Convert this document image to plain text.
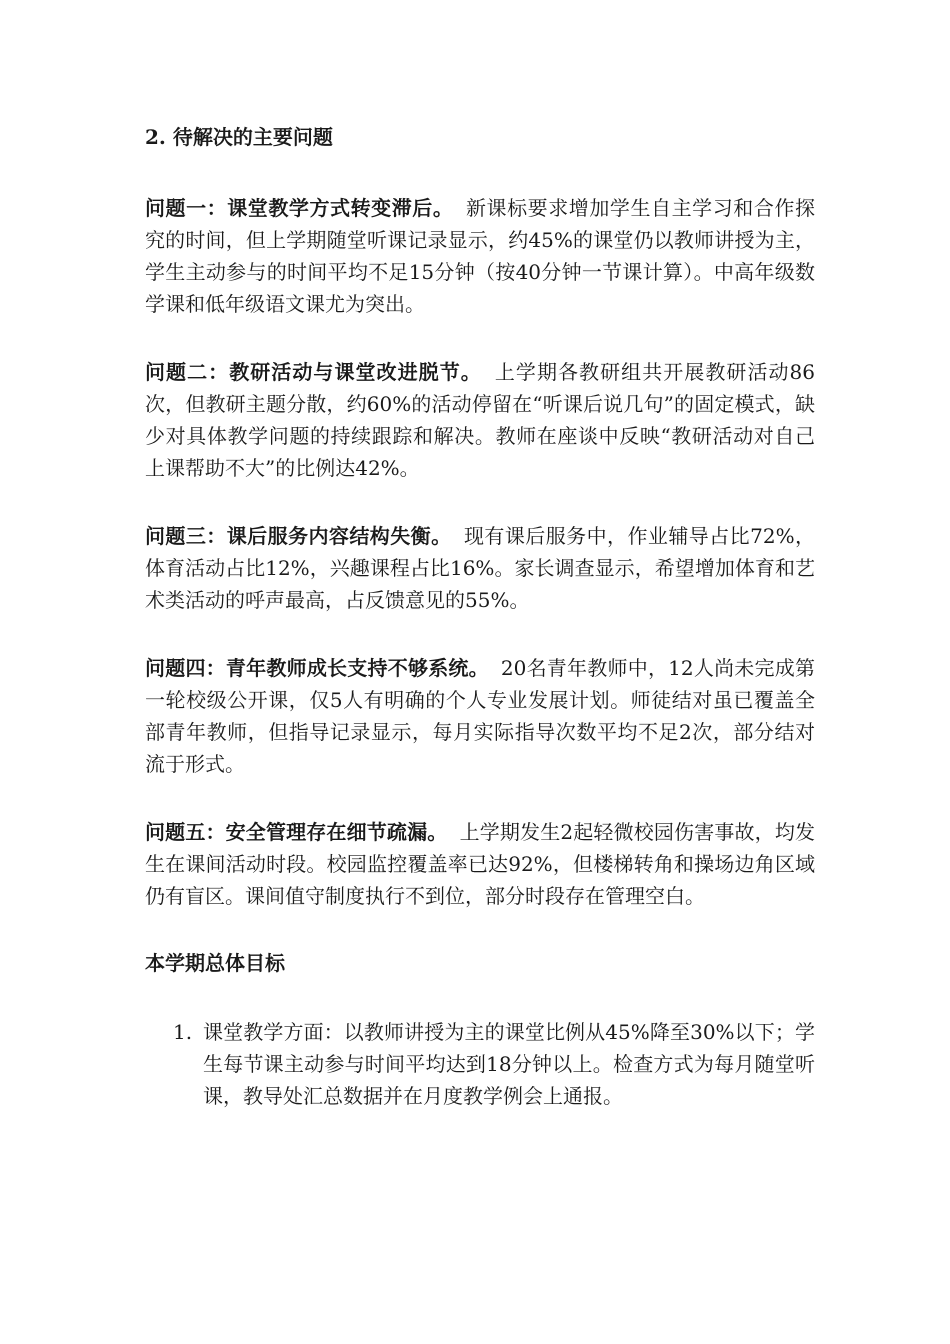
2. 待解决的主要问题

问题一：课堂教学方式转变滞后。 新课标要求增加学生自主学习和合作探究的时间，但上学期随堂听课记录显示，约45%的课堂仍以教师讲授为主，学生主动参与的时间平均不足15分钟（按40分钟一节课计算）。中高年级数学课和低年级语文课尤为突出。

问题二：教研活动与课堂改进脱节。 上学期各教研组共开展教研活动86次，但教研主题分散，约60%的活动停留在“听课后说几句”的固定模式，缺少对具体教学问题的持续跟踪和解决。教师在座谈中反映“教研活动对自己上课帮助不大”的比例达42%。

问题三：课后服务内容结构失衡。 现有课后服务中，作业辅导占比72%，体育活动占比12%，兴趣课程占比16%。家长调查显示，希望增加体育和艺术类活动的呼声最高，占反馈意见的55%。

问题四：青年教师成长支持不够系统。 20名青年教师中，12人尚未完成第一轮校级公开课，仅5人有明确的个人专业发展计划。师徒结对虽已覆盖全部青年教师，但指导记录显示，每月实际指导次数平均不足2次，部分结对流于形式。

问题五：安全管理存在细节疏漏。 上学期发生2起轻微校园伤害事故，均发生在课间活动时段。校园监控覆盖率已达92%，但楼梯转角和操场边角区域仍有盲区。课间值守制度执行不到位，部分时段存在管理空白。

本学期总体目标
1. 课堂教学方面：以教师讲授为主的课堂比例从45%降至30%以下；学生每节课主动参与时间平均达到18分钟以上。检查方式为每月随堂听课，教导处汇总数据并在月度教学例会上通报。
